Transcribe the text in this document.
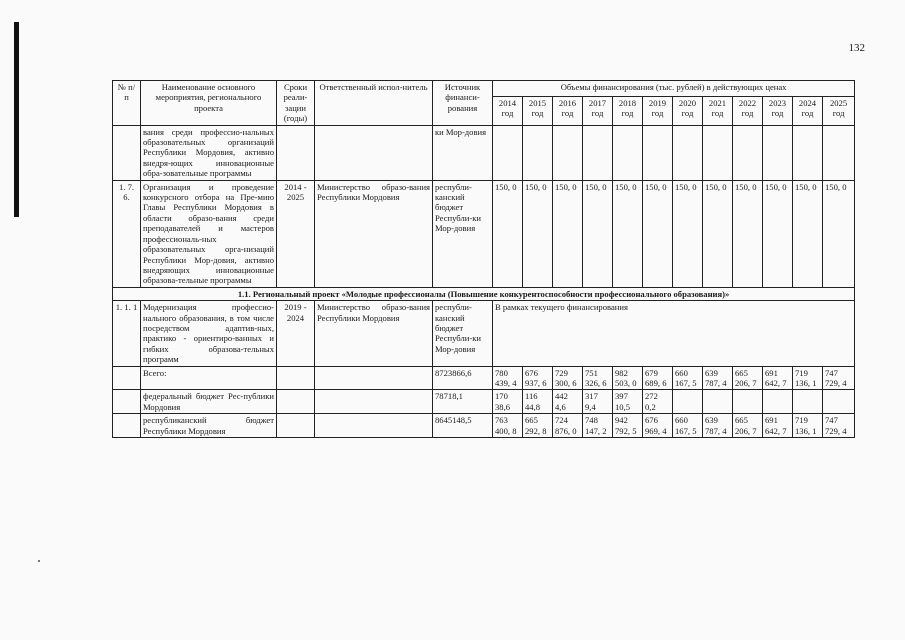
132
№ п/ п	Наименование основного мероприятия, регионального проекта	Сроки реали-зации (годы)	Ответственный испол-нитель	Источник финанси-рования	Объемы финансирования (тыс. рублей) в действующих ценах											
					2014 год	2015 год	2016 год	2017 год	2018 год	2019 год	2020 год	2021 год	2022 год	2023 год	2024 год	2025 год
	вания среди профессио-нальных образовательных организаций Республики Мордовия, активно внедря-ющих инновационные обра-зовательные программы			ки Мор-довия												
1. 7. 6.	Организация и проведение конкурсного отбора на Пре-мию Главы Республики Мордовия в области образо-вания среди преподавателей и мастеров профессиональ-ных образовательных орга-низаций Республики Мор-довия, активно внедряющих инновационные образова-тельные программы	2014 - 2025	Министерство образо-вания Республики Мордовия	республи-канский бюджет Республи-ки Мор-довия	150, 0	150, 0	150, 0	150, 0	150, 0	150, 0	150, 0	150, 0	150, 0	150, 0	150, 0	150, 0
1.1. Региональный проект «Молодые профессионалы (Повышение конкурентоспособности профессионального образования)»																
1. 1. 1	Модернизация профессио-нального образования, в том числе посредством адаптив-ных, практико - ориентиро-ванных и гибких образова-тельных программ	2019 - 2024	Министерство образо-вания Республики Мордовия	республи-канский бюджет Республи-ки Мор-довия	В рамках текущего финансирования											
	Всего:			8723866,6	780 439, 4	676 937, 6	729 300, 6	751 326, 6	982 503, 0	679 689, 6	660 167, 5	639 787, 4	665 206, 7	691 642, 7	719 136, 1	747 729, 4
	федеральный бюджет Рес-публики Мордовия			78718,1	170 38,6	116 44,8	442 4,6	317 9,4	397 10,5	272 0,2						
	республиканский бюджет Республики Мордовия			8645148,5	763 400, 8	665 292, 8	724 876, 0	748 147, 2	942 792, 5	676 969, 4	660 167, 5	639 787, 4	665 206, 7	691 642, 7	719 136, 1	747 729, 4
